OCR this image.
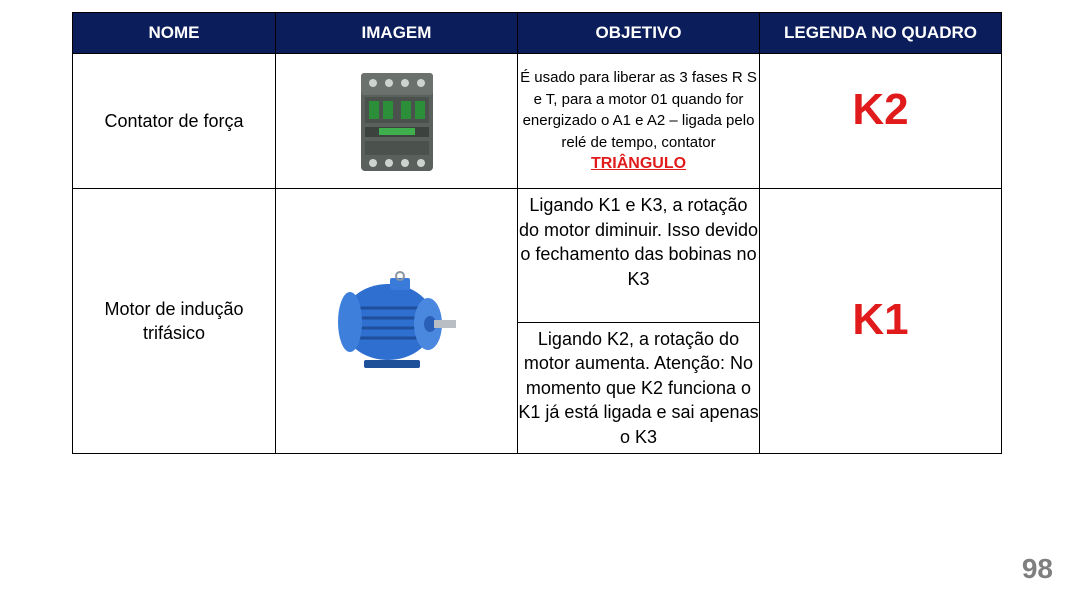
NOME	IMAGEM	OBJETIVO	LEGENDA NO QUADRO
Contator de força		É usado para liberar as 3 fases R S e T, para a motor 01 quando for energizado o A1 e A2 – ligada pelo relé de tempo, contator TRIÂNGULO	K2
Motor de indução trifásico		Ligando K1 e K3, a rotação do motor diminuir. Isso devido o fechamento das bobinas no K3	K1
		Ligando K2, a rotação do motor aumenta. Atenção: No momento que K2 funciona o K1 já está ligada e sai apenas o K3	
98
